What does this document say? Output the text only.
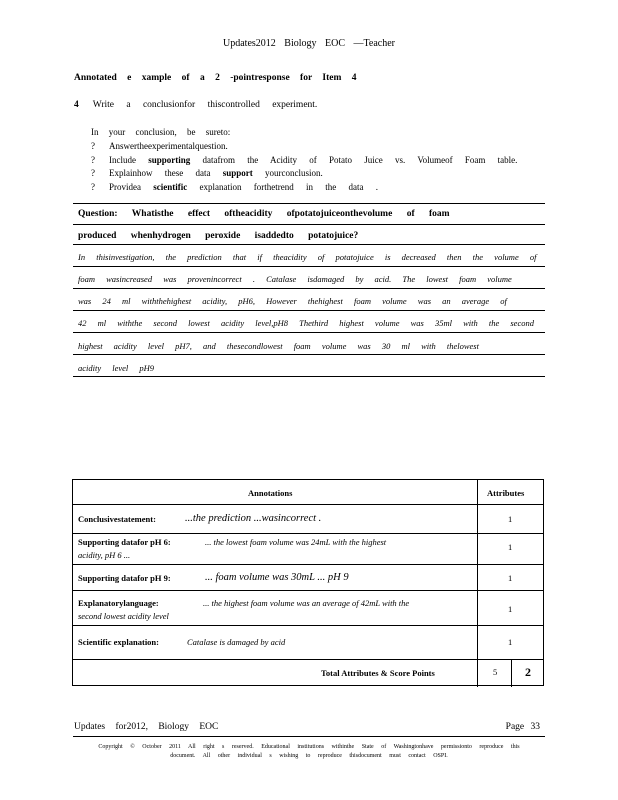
Updates2012 Biology EOC —Teacher
Annotated e xample of a 2 -pointresponse for Item 4
4 Write a conclusionfor thiscontrolled experiment.
In your conclusion, be sureto:
? Answertheexperimentalquestion.
? Include supporting datafrom the Acidity of Potato Juice vs. Volumeof Foam table.
? Explainhow these data support yourconclusion.
? Providea scientific explanation forthetrend in the data .
Question: Whatisthe effect oftheacidity ofpotatojuiceonthevolume of foam
produced whenhydrogen peroxide isaddedto potatojuice?
In thisinvestigation, the prediction that if theacidity of potatojuice is decreased then the volume of
foam wasincreased was provenincorrect . Catalase isdamaged by acid. The lowest foam volume
was 24 ml withthehighest acidity, pH6, However thehighest foam volume was an average of
42 ml withthe second lowest acidity level,pH8 Thethird highest volume was 35ml with the second
highest acidity level pH7, and thesecondlowest foam volume was 30 ml with thelowest
acidity level pH9
Annotations	Attributes
Conclusivestatement:	...the prediction ...wasincorrect .	1
Supporting datafor pH 6:	... the lowest foam volume was 24mL with the highest
acidity, pH 6 ...
1
Supporting datafor pH 9:	... foam volume was 30mL ... pH 9	1
Explanatorylanguage:	... the highest foam volume was an average of 42mL with the
second lowest acidity level
1
Scientific explanation:	Catalase is damaged by acid	1
Total Attributes & Score Points	5 2
Updates for2012, Biology EOC	Page 33
Copyright © October 2011 All right s reserved. Educational institutions withinthe State of Washingtonhave permissionto reproduce this
document. All other individual s wishing to reproduce thisdocument must contact OSPI.
